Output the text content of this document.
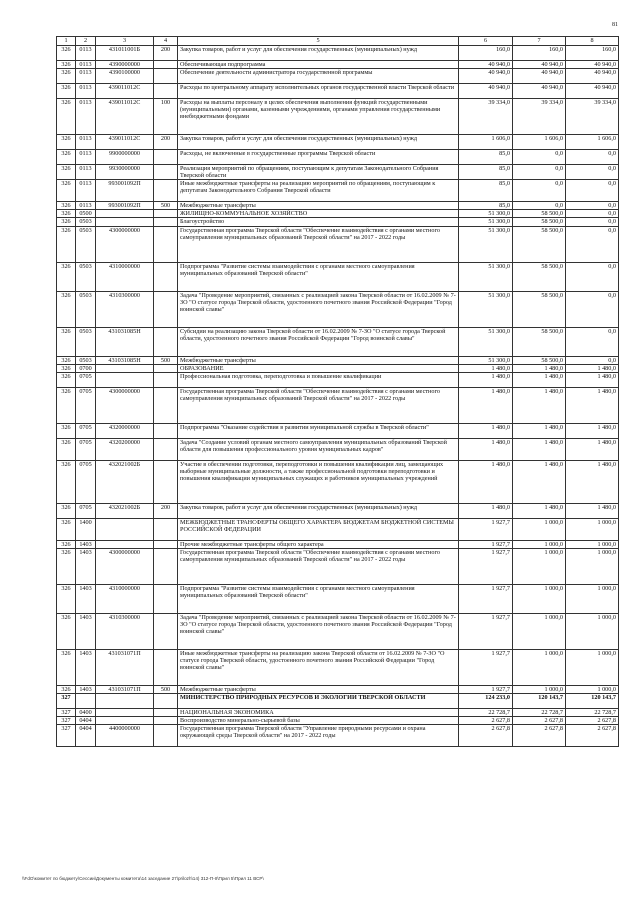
81
1	2	3	4	5	6	7	8
326	0113	431011001Б	200	Закупка товаров, работ и услуг для обеспечения государственных (муниципальных) нужд	160,0	160,0	160,0
326	0113	4390000000		Обеспечивающая подпрограмма	40 940,0	40 940,0	40 940,0
326	0113	4390100000		Обеспечение деятельности администратора государственной программы	40 940,0	40 940,0	40 940,0
326	0113	439011012С		Расходы по центральному аппарату исполнительных органов государственной власти Тверской области	40 940,0	40 940,0	40 940,0
326	0113	439011012С	100	Расходы на выплаты персоналу в целях обеспечения выполнения функций государственными (муниципальными) органами, казенными учреждениями, органами управления государственными внебюджетными фондами	39 334,0	39 334,0	39 334,0
326	0113	439011012С	200	Закупка товаров, работ и услуг для обеспечения государственных (муниципальных) нужд	1 606,0	1 606,0	1 606,0
326	0113	9900000000		Расходы, не включенные в государственные программы Тверской области	85,0	0,0	0,0
326	0113	9930000000		Реализация мероприятий по обращениям, поступающим к депутатам Законодательного Собрания Тверской области	85,0	0,0	0,0
326	0113	993001092П		Иные межбюджетные трансферты на реализацию мероприятий по обращениям, поступающим к депутатам Законодательного Собрания Тверской области	85,0	0,0	0,0
326	0113	993001092П	500	Межбюджетные трансферты	85,0	0,0	0,0
326	0500			ЖИЛИЩНО-КОММУНАЛЬНОЕ ХОЗЯЙСТВО	51 300,0	58 500,0	0,0
326	0503			Благоустройство	51 300,0	58 500,0	0,0
326	0503	4300000000		Государственная программа Тверской области "Обеспечение взаимодействия с органами местного самоуправления муниципальных образований Тверской области" на 2017 - 2022 годы	51 300,0	58 500,0	0,0
326	0503	4310000000		Подпрограмма "Развитие системы взаимодействия с органами местного самоуправления муниципальных образований Тверской области"	51 300,0	58 500,0	0,0
326	0503	4310300000		Задача "Проведение мероприятий, связанных с реализацией закона Тверской области от 16.02.2009 № 7-ЗО "О статусе города Тверской области, удостоенного почетного звания Российской Федерации "Город воинской славы"	51 300,0	58 500,0	0,0
326	0503	431031085Н		Субсидии на реализацию закона Тверской области от 16.02.2009 № 7-ЗО "О статусе города Тверской области, удостоенного почетного звания Российской Федерации "Город воинской славы"	51 300,0	58 500,0	0,0
326	0503	431031085Н	500	Межбюджетные трансферты	51 300,0	58 500,0	0,0
326	0700			ОБРАЗОВАНИЕ	1 480,0	1 480,0	1 480,0
326	0705			Профессиональная подготовка, переподготовка и повышение квалификации	1 480,0	1 480,0	1 480,0
326	0705	4300000000		Государственная программа Тверской области "Обеспечение взаимодействия с органами местного самоуправления муниципальных образований Тверской области" на 2017 - 2022 годы	1 480,0	1 480,0	1 480,0
326	0705	4320000000		Подпрограмма "Оказание содействия в развитии муниципальной службы в Тверской области"	1 480,0	1 480,0	1 480,0
326	0705	4320200000		Задача "Создание условий органам местного самоуправления муниципальных образований Тверской области для повышения профессионального уровня муниципальных кадров"	1 480,0	1 480,0	1 480,0
326	0705	432021002Б		Участие в обеспечении подготовки, переподготовки и повышения квалификации лиц, замещающих выборные муниципальные должности, а также профессиональной подготовки переподготовки и повышения квалификации муниципальных служащих и работников муниципальных учреждений	1 480,0	1 480,0	1 480,0
326	0705	432021002Б	200	Закупка товаров, работ и услуг для обеспечения государственных (муниципальных) нужд	1 480,0	1 480,0	1 480,0
326	1400			МЕЖБЮДЖЕТНЫЕ ТРАНСФЕРТЫ ОБЩЕГО ХАРАКТЕРА БЮДЖЕТАМ БЮДЖЕТНОЙ СИСТЕМЫ РОССИЙСКОЙ ФЕДЕРАЦИИ	1 927,7	1 000,0	1 000,0
326	1403			Прочие межбюджетные трансферты общего характера	1 927,7	1 000,0	1 000,0
326	1403	4300000000		Государственная программа Тверской области "Обеспечение взаимодействия с органами местного самоуправления муниципальных образований Тверской области" на 2017 - 2022 годы	1 927,7	1 000,0	1 000,0
326	1403	4310000000		Подпрограмма "Развитие системы взаимодействия с органами местного самоуправления муниципальных образований Тверской области"	1 927,7	1 000,0	1 000,0
326	1403	4310300000		Задача "Проведение мероприятий, связанных с реализацией закона Тверской области от 16.02.2009 № 7-ЗО "О статусе города Тверской области, удостоенного почетного звания Российской Федерации "Город воинской славы"	1 927,7	1 000,0	1 000,0
326	1403	431031071П		Иные межбюджетные трансферты на реализацию закона Тверской области от 16.02.2009 № 7-ЗО "О статусе города Тверской области, удостоенного почетного звания Российской Федерации "Город воинской славы"	1 927,7	1 000,0	1 000,0
326	1403	431031071П	500	Межбюджетные трансферты	1 927,7	1 000,0	1 000,0
327				МИНИСТЕРСТВО ПРИРОДНЫХ РЕСУРСОВ И ЭКОЛОГИИ ТВЕРСКОЙ ОБЛАСТИ	124 233,0	120 143,7	120 143,7
327	0400			НАЦИОНАЛЬНАЯ ЭКОНОМИКА	22 728,7	22 728,7	22 728,7
327	0404			Воспроизводство минерально-сырьевой базы	2 627,8	2 627,8	2 627,8
327	0404	4400000000		Государственная программа Тверской области "Управление природными ресурсами и охрана окружающей среды Тверской области" на 2017 - 2022 годы	2 627,8	2 627,8	2 627,8
\\FdO\комитет по бюджету\Сессии\Документы комитета\14 заседание 27\prilozh\14) 312-П-II\Прил 5\Прил 11 ВСР\
